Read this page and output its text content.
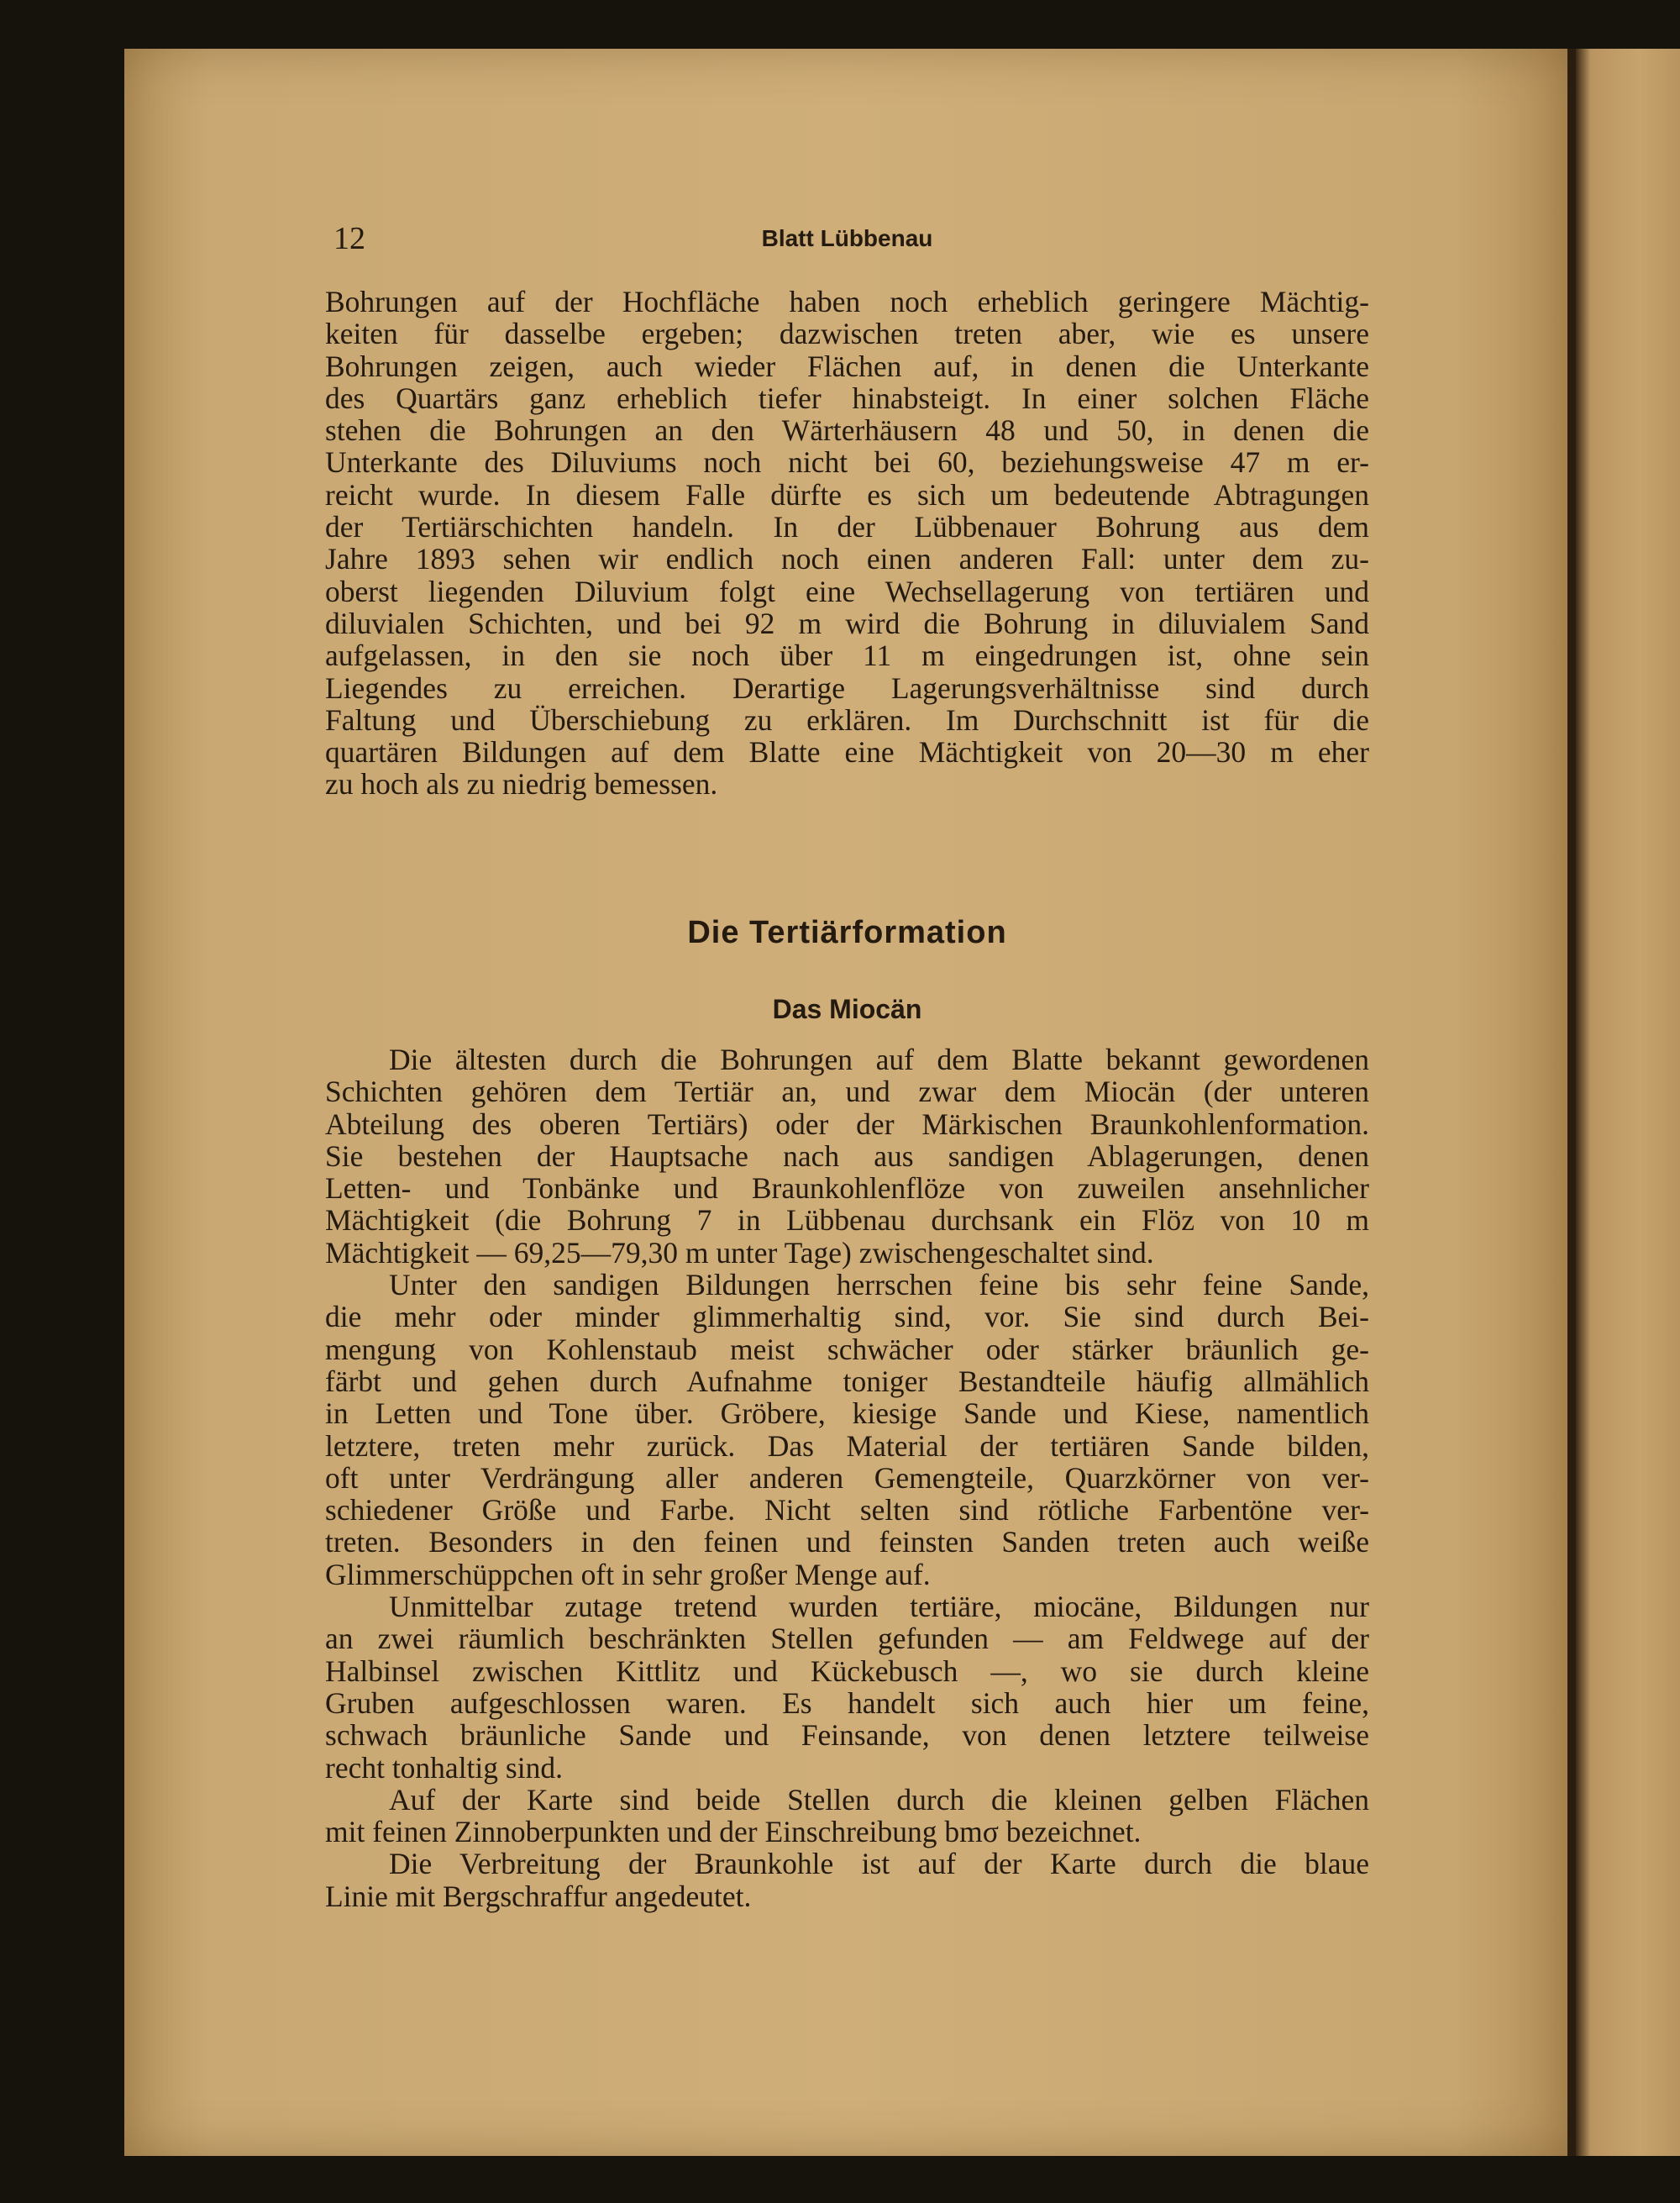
12	Blatt Lübbenau
Bohrungen auf der Hochfläche haben noch erheblich geringere Mächtig-
keiten für dasselbe ergeben; dazwischen treten aber, wie es unsere
Bohrungen zeigen, auch wieder Flächen auf, in denen die Unterkante
des Quartärs ganz erheblich tiefer hinabsteigt. In einer solchen Fläche
stehen die Bohrungen an den Wärterhäusern 48 und 50, in denen die
Unterkante des Diluviums noch nicht bei 60, beziehungsweise 47 m er-
reicht wurde. In diesem Falle dürfte es sich um bedeutende Abtragungen
der Tertiärschichten handeln. In der Lübbenauer Bohrung aus dem
Jahre 1893 sehen wir endlich noch einen anderen Fall: unter dem zu-
oberst liegenden Diluvium folgt eine Wechsellagerung von tertiären und
diluvialen Schichten, und bei 92 m wird die Bohrung in diluvialem Sand
aufgelassen, in den sie noch über 11 m eingedrungen ist, ohne sein
Liegendes zu erreichen. Derartige Lagerungsverhältnisse sind durch
Faltung und Überschiebung zu erklären. Im Durchschnitt ist für die
quartären Bildungen auf dem Blatte eine Mächtigkeit von 20—30 m eher
zu hoch als zu niedrig bemessen.
Die Tertiärformation
Das Miocän
Die ältesten durch die Bohrungen auf dem Blatte bekannt gewordenen
Schichten gehören dem Tertiär an, und zwar dem Miocän (der unteren
Abteilung des oberen Tertiärs) oder der Märkischen Braunkohlenformation.
Sie bestehen der Hauptsache nach aus sandigen Ablagerungen, denen
Letten- und Tonbänke und Braunkohlenflöze von zuweilen ansehnlicher
Mächtigkeit (die Bohrung 7 in Lübbenau durchsank ein Flöz von 10 m
Mächtigkeit — 69,25—79,30 m unter Tage) zwischengeschaltet sind.
Unter den sandigen Bildungen herrschen feine bis sehr feine Sande,
die mehr oder minder glimmerhaltig sind, vor. Sie sind durch Bei-
mengung von Kohlenstaub meist schwächer oder stärker bräunlich ge-
färbt und gehen durch Aufnahme toniger Bestandteile häufig allmählich
in Letten und Tone über. Gröbere, kiesige Sande und Kiese, namentlich
letztere, treten mehr zurück. Das Material der tertiären Sande bilden,
oft unter Verdrängung aller anderen Gemengteile, Quarzkörner von ver-
schiedener Größe und Farbe. Nicht selten sind rötliche Farbentöne ver-
treten. Besonders in den feinen und feinsten Sanden treten auch weiße
Glimmerschüppchen oft in sehr großer Menge auf.
Unmittelbar zutage tretend wurden tertiäre, miocäne, Bildungen nur
an zwei räumlich beschränkten Stellen gefunden — am Feldwege auf der
Halbinsel zwischen Kittlitz und Kückebusch —, wo sie durch kleine
Gruben aufgeschlossen waren. Es handelt sich auch hier um feine,
schwach bräunliche Sande und Feinsande, von denen letztere teilweise
recht tonhaltig sind.
Auf der Karte sind beide Stellen durch die kleinen gelben Flächen
mit feinen Zinnoberpunkten und der Einschreibung bmσ bezeichnet.
Die Verbreitung der Braunkohle ist auf der Karte durch die blaue
Linie mit Bergschraffur angedeutet.
